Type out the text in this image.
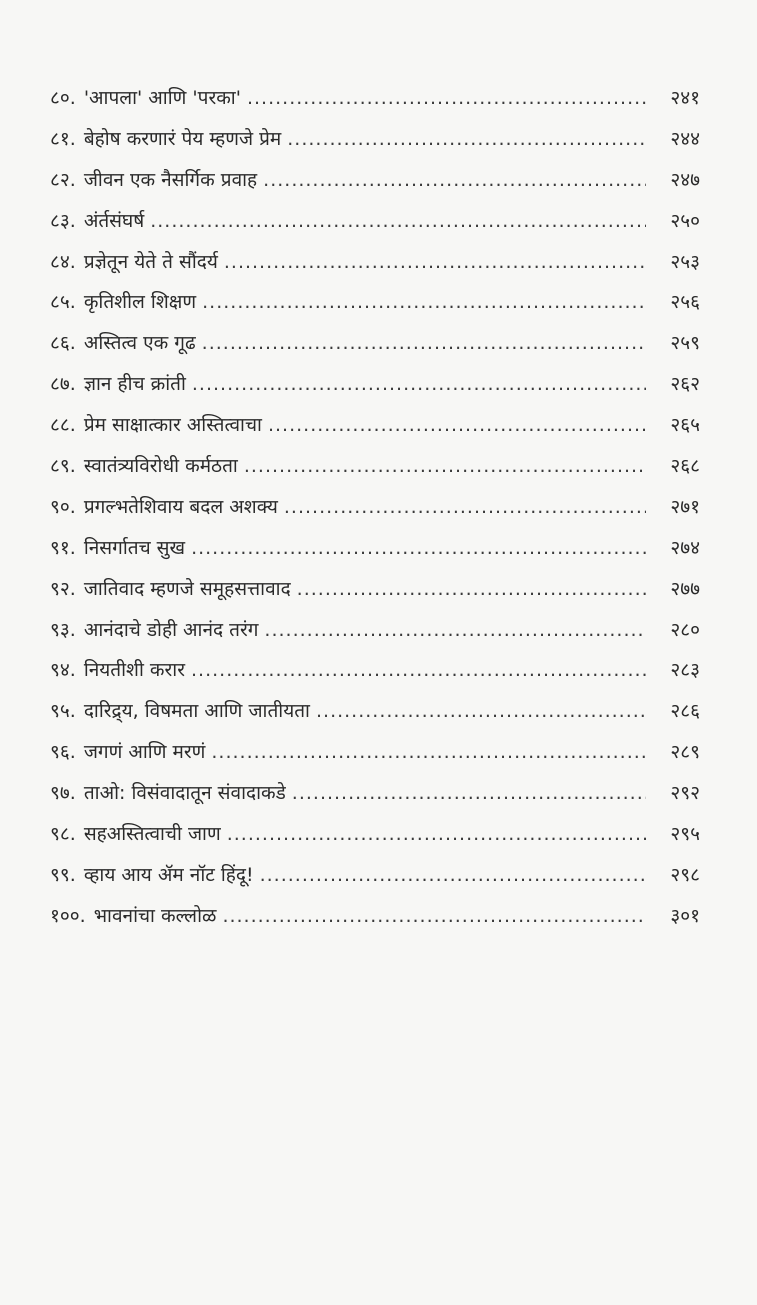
८०. 'आपला' आणि 'परका' .....	२४१
८१. बेहोष करणारं पेय म्हणजे प्रेम .....	२४४
८२. जीवन एक नैसर्गिक प्रवाह .....	२४७
८३. अंर्तसंघर्ष .....	२५०
८४. प्रज्ञेतून येते ते सौंदर्य .....	२५३
८५. कृतिशील शिक्षण .....	२५६
८६. अस्तित्व एक गूढ .....	२५९
८७. ज्ञान हीच क्रांती .....	२६२
८८. प्रेम साक्षात्कार अस्तित्वाचा .....	२६५
८९. स्वातंत्र्यविरोधी कर्मठता .....	२६८
९०. प्रगल्भतेशिवाय बदल अशक्य .....	२७१
९१. निसर्गातच सुख .....	२७४
९२. जातिवाद म्हणजे समूहसत्तावाद .....	२७७
९३. आनंदाचे डोही आनंद तरंग .....	२८०
९४. नियतीशी करार .....	२८३
९५. दारिद्र्य, विषमता आणि जातीयता .....	२८६
९६. जगणं आणि मरणं .....	२८९
९७. ताओ: विसंवादातून संवादाकडे .....	२९२
९८. सहअस्तित्वाची जाण .....	२९५
९९. व्हाय आय ॲम नॉट हिंदू! .....	२९८
१००. भावनांचा कल्लोळ .....	३०१
